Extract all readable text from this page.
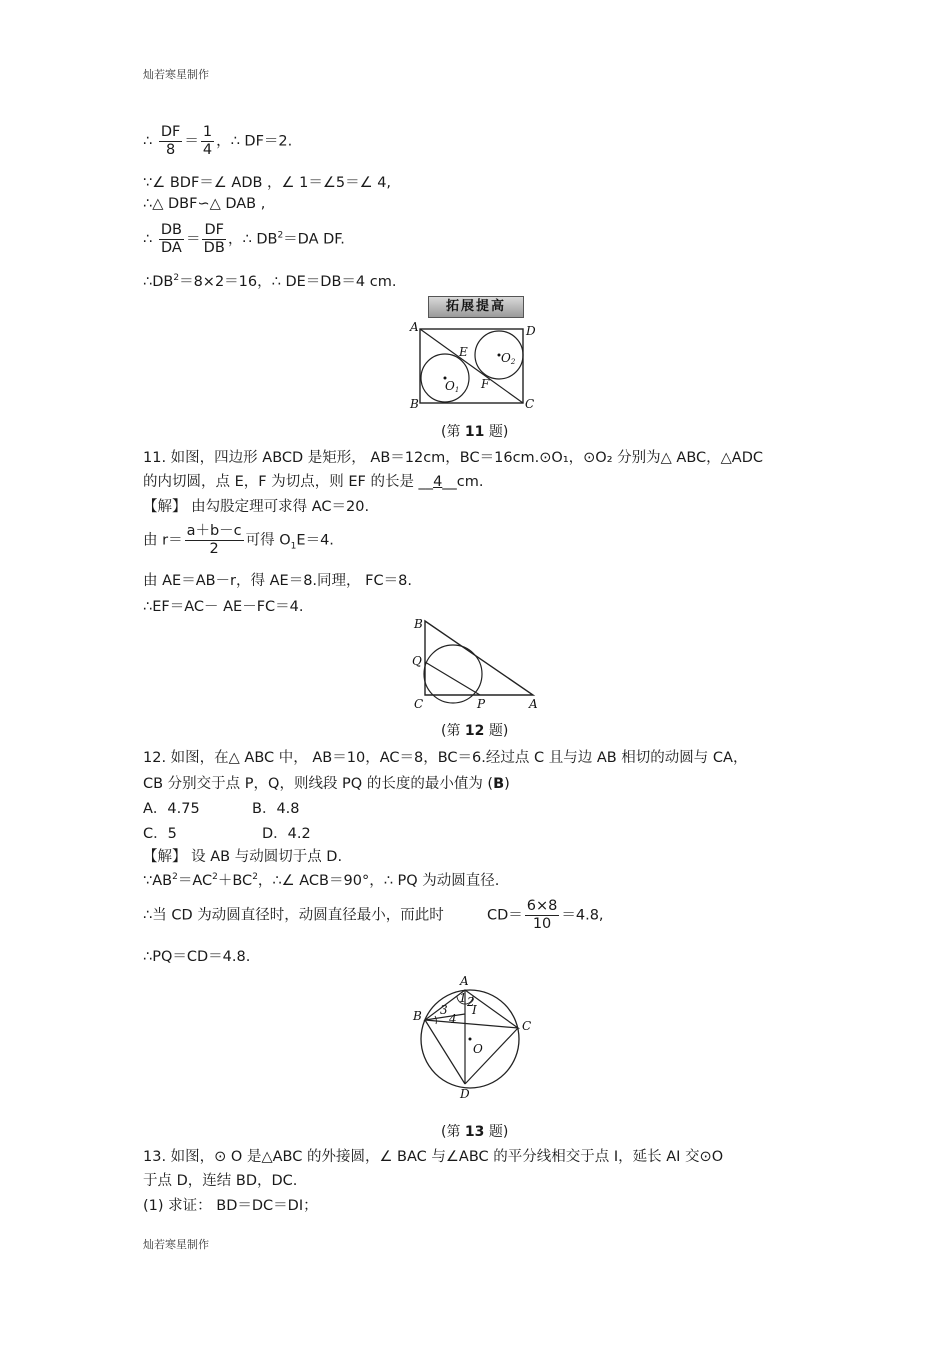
灿若寒星制作
灿若寒星制作
∴ $\frac{DF}{8} = \frac{1}{4}$ ，∴ DF＝2.
∵∠ BDF＝∠ ADB ，∠ 1＝∠5＝∠ 4,
∴△ DBF∽△ DAB ,
∴ $\frac{DB}{DA} = \frac{DF}{DB}$ ，∴ $DB^2=DA$ DF.
$\therefore DB^2=8\times 2=16$，∴ DE＝DB＝4 cm.
拓展提高
A	D
B	C
E
F
O1
O2
(第 11 题)
11. 如图，四边形 ABCD 是矩形， AB＝12cm，BC＝16cm.⊙O₁，⊙O₂ 分别为△ ABC，△ADC
的内切圆，点 E，F 为切点，则 EF 的长是 __4__cm.
【解】 由勾股定理可求得 AC＝20.
由 $r= \frac{a+b-c}{2}$ 可得 $O_1E=4$.
由 AE＝AB－r，得 AE＝8.同理， FC＝8.
∴EF＝AC－ AE－FC＝4.
B
Q
C	P	A
(第 12 题)
12. 如图，在△ ABC 中， AB＝10，AC＝8，BC＝6.经过点 C 且与边 AB 相切的动圆与 CA，
CB 分别交于点 P，Q，则线段 PQ 的长度的最小值为 (B)
A．4.75	B．4.8
C．5	D．4.2
【解】 设 AB 与动圆切于点 D.
$\because AB^2=AC^2+BC^2$，∴∠ ACB＝90°，∴ PQ 为动圆直径.
∴当 CD 为动圆直径时，动圆直径最小，而此时	$CD= \frac{6\times 8}{10} =4.8$,
∴PQ＝CD＝4.8.
A
B
C
D
O
I
1 2
3
4
(第 13 题)
13. 如图，⊙ O 是△ABC 的外接圆，∠ BAC 与∠ABC 的平分线相交于点 I，延长 AI 交⊙O
于点 D，连结 BD，DC.
(1) 求证： BD＝DC＝DI；
